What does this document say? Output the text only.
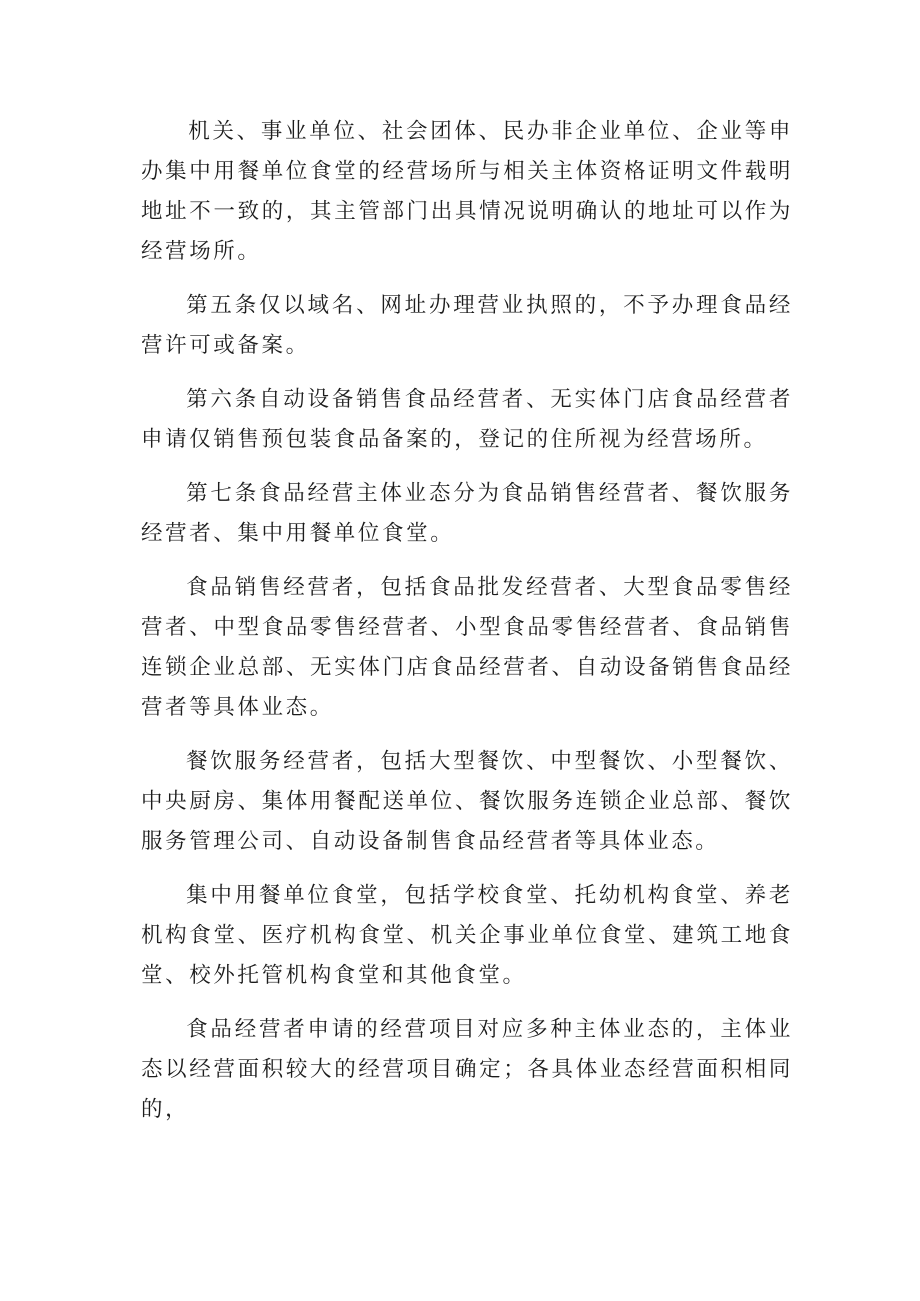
机关、事业单位、社会团体、民办非企业单位、企业等申办集中用餐单位食堂的经营场所与相关主体资格证明文件载明地址不一致的，其主管部门出具情况说明确认的地址可以作为经营场所。

第五条仅以域名、网址办理营业执照的，不予办理食品经营许可或备案。

第六条自动设备销售食品经营者、无实体门店食品经营者申请仅销售预包装食品备案的，登记的住所视为经营场所。

第七条食品经营主体业态分为食品销售经营者、餐饮服务经营者、集中用餐单位食堂。

食品销售经营者，包括食品批发经营者、大型食品零售经营者、中型食品零售经营者、小型食品零售经营者、食品销售连锁企业总部、无实体门店食品经营者、自动设备销售食品经营者等具体业态。

餐饮服务经营者，包括大型餐饮、中型餐饮、小型餐饮、中央厨房、集体用餐配送单位、餐饮服务连锁企业总部、餐饮服务管理公司、自动设备制售食品经营者等具体业态。

集中用餐单位食堂，包括学校食堂、托幼机构食堂、养老机构食堂、医疗机构食堂、机关企事业单位食堂、建筑工地食堂、校外托管机构食堂和其他食堂。

食品经营者申请的经营项目对应多种主体业态的，主体业态以经营面积较大的经营项目确定；各具体业态经营面积相同的，
